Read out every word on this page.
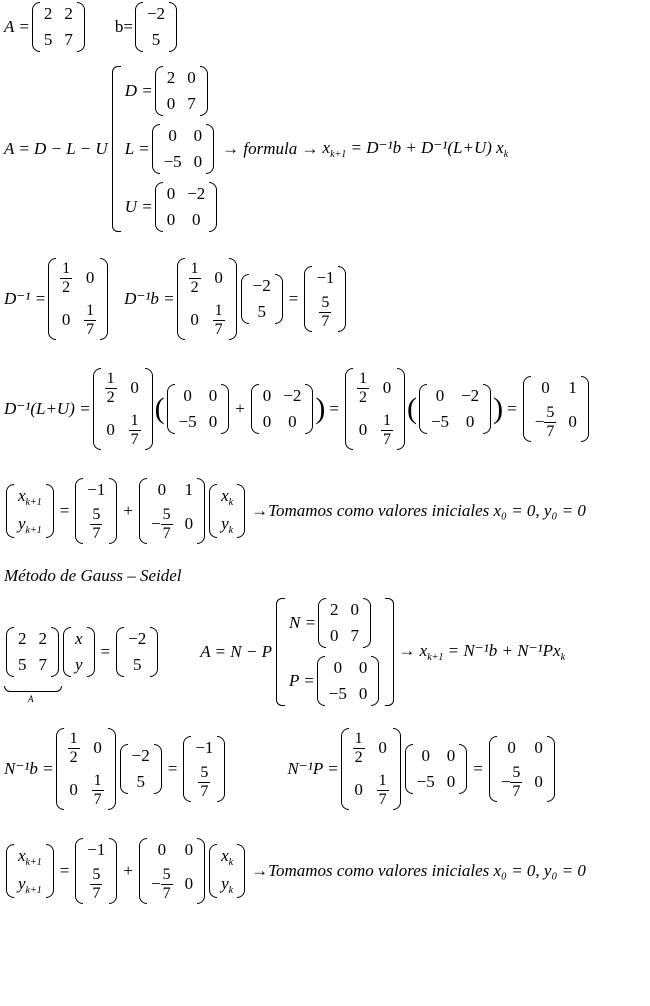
A =
2 2
5 7
b=
−2
5
A = D − L − U
D =
2 0
0 7
L =
0 0
−5 0
→ formula → $x_{k+1} = D^{-1}b + D^{-1}(L+U)$ $x_k$
U =
0 −2
0 0
D⁻¹ =
$\frac{1}{2} 0$
$0 \frac{1}{7}$
D⁻¹b =
$\frac{1}{2} 0$
$0 \frac{1}{7}$
−2
5
=
−1
$\frac{5}{7}$
D⁻¹(L+U) =
$\frac{1}{2} 0$
$0 \frac{1}{7}$
( 0 0
−5 0
+
0 −2
0 0 ) =
$\frac{1}{2} 0$
$0 \frac{1}{7}$
( 0 −2
−5 0 ) =
0 1
− $\frac{5}{7} 0$
$x_{k+1}$
$y_{k+1}$
=
−1
$\frac{5}{7}$ +
0 1
− $\frac{5}{7} 0$
$x_k$
$y_k$
→Tomamos como valores iniciales x₀ = 0, y₀ = 0
Método de Gauss – Seidel
2 2
5 7
x
y
=
−2
5
A = N − P
N =
2 0
0 7
P =
0 0
−5 0
→ $x_{k+1} = N^{-1}b + N^{-1}Px_k$
A
N⁻¹b =
$\frac{1}{2} 0$
$0 \frac{1}{7}$
−2
5
=
−1
$\frac{5}{7}$	N⁻¹P =
$\frac{1}{2} 0$
$0 \frac{1}{7}$
0 0
−5 0
=
0 0
− $\frac{5}{7} 0$
$x_{k+1}$
$y_{k+1}$
=
−1
$\frac{5}{7}$ +
0 0
− $\frac{5}{7} 0$
$x_k$
$y_k$
→Tomamos como valores iniciales x₀ = 0, y₀ = 0
